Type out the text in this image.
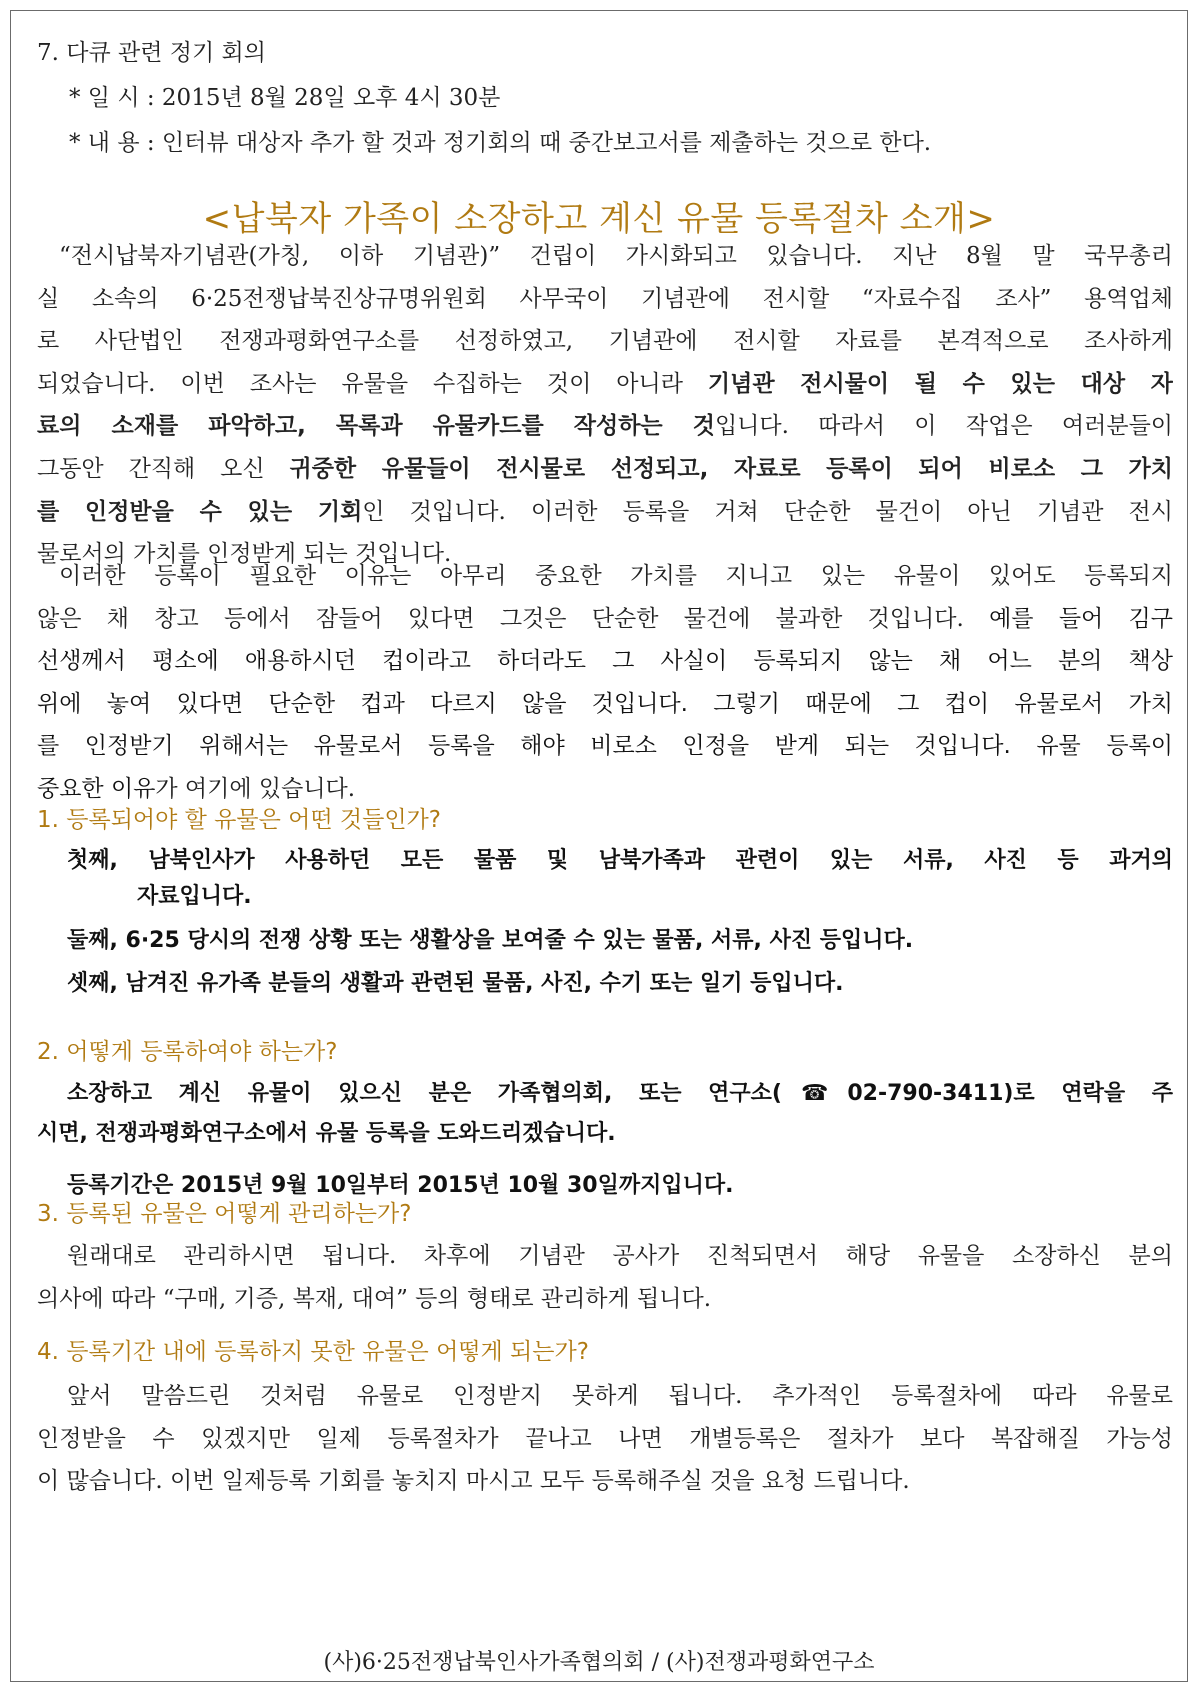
7. 다큐 관련 정기 회의
* 일 시 : 2015년 8월 28일 오후 4시 30분
* 내 용 : 인터뷰 대상자 추가 할 것과 정기회의 때 중간보고서를 제출하는 것으로 한다.
<납북자 가족이 소장하고 계신 유물 등록절차 소개>
“전시납북자기념관(가칭, 이하 기념관)” 건립이 가시화되고 있습니다. 지난 8월 말 국무총리
실 소속의 6·25전쟁납북진상규명위원회 사무국이 기념관에 전시할 “자료수집 조사” 용역업체
로 사단법인 전쟁과평화연구소를 선정하였고, 기념관에 전시할 자료를 본격적으로 조사하게
되었습니다. 이번 조사는 유물을 수집하는 것이 아니라 기념관 전시물이 될 수 있는 대상 자
료의 소재를 파악하고, 목록과 유물카드를 작성하는 것입니다. 따라서 이 작업은 여러분들이
그동안 간직해 오신 귀중한 유물들이 전시물로 선정되고, 자료로 등록이 되어 비로소 그 가치
를 인정받을 수 있는 기회인 것입니다. 이러한 등록을 거쳐 단순한 물건이 아닌 기념관 전시
물로서의 가치를 인정받게 되는 것입니다.
이러한 등록이 필요한 이유는 아무리 중요한 가치를 지니고 있는 유물이 있어도 등록되지
않은 채 창고 등에서 잠들어 있다면 그것은 단순한 물건에 불과한 것입니다. 예를 들어 김구
선생께서 평소에 애용하시던 컵이라고 하더라도 그 사실이 등록되지 않는 채 어느 분의 책상
위에 놓여 있다면 단순한 컵과 다르지 않을 것입니다. 그렇기 때문에 그 컵이 유물로서 가치
를 인정받기 위해서는 유물로서 등록을 해야 비로소 인정을 받게 되는 것입니다. 유물 등록이
중요한 이유가 여기에 있습니다.
1. 등록되어야 할 유물은 어떤 것들인가?
첫째, 남북인사가 사용하던 모든 물품 및 남북가족과 관련이 있는 서류, 사진 등 과거의
자료입니다.
둘째, 6·25 당시의 전쟁 상황 또는 생활상을 보여줄 수 있는 물품, 서류, 사진 등입니다.
셋째, 남겨진 유가족 분들의 생활과 관련된 물품, 사진, 수기 또는 일기 등입니다.
2. 어떻게 등록하여야 하는가?
소장하고 계신 유물이 있으신 분은 가족협의회, 또는 연구소(☎02-790-3411)로 연락을 주
시면, 전쟁과평화연구소에서 유물 등록을 도와드리겠습니다.
등록기간은 2015년 9월 10일부터 2015년 10월 30일까지입니다.
3. 등록된 유물은 어떻게 관리하는가?
원래대로 관리하시면 됩니다. 차후에 기념관 공사가 진척되면서 해당 유물을 소장하신 분의
의사에 따라 “구매, 기증, 복재, 대여” 등의 형태로 관리하게 됩니다.
4. 등록기간 내에 등록하지 못한 유물은 어떻게 되는가?
앞서 말씀드린 것처럼 유물로 인정받지 못하게 됩니다. 추가적인 등록절차에 따라 유물로
인정받을 수 있겠지만 일제 등록절차가 끝나고 나면 개별등록은 절차가 보다 복잡해질 가능성
이 많습니다. 이번 일제등록 기회를 놓치지 마시고 모두 등록해주실 것을 요청 드립니다.
(사)6·25전쟁납북인사가족협의회 / (사)전쟁과평화연구소
